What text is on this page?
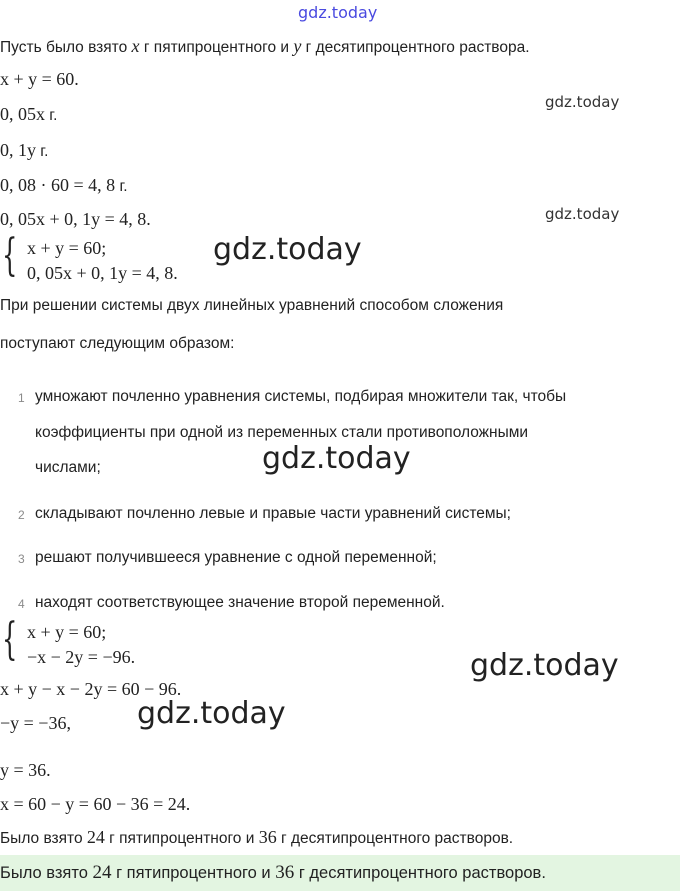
gdz.today
Пусть было взято x г пятипроцентного и y г десятипроцентного раствора.
x + y = 60.
gdz.today
0, 05x г.
0, 1y г.
0, 08 · 60 = 4, 8 г.
0, 05x + 0, 1y = 4, 8.	gdz.today
{ x + y = 60;
0, 05x + 0, 1y = 4, 8.
gdz.today
При решении системы двух линейных уравнений способом сложения
поступают следующим образом:
1 умножают почленно уравнения системы, подбирая множители так, чтобы
коэффициенты при одной из переменных стали противоположными
числами;	gdz.today
2 складывают почленно левые и правые части уравнений системы;
3 решают получившееся уравнение с одной переменной;
4 находят соответствующее значение второй переменной.
{ x + y = 60;
−x − 2y = −96.	gdz.today
x + y − x − 2y = 60 − 96.
−y = −36, gdz.today
y = 36.
x = 60 − y = 60 − 36 = 24.
Было взято 24 г пятипроцентного и 36 г десятипроцентного растворов.
Было взято 24 г пятипроцентного и 36 г десятипроцентного растворов.
